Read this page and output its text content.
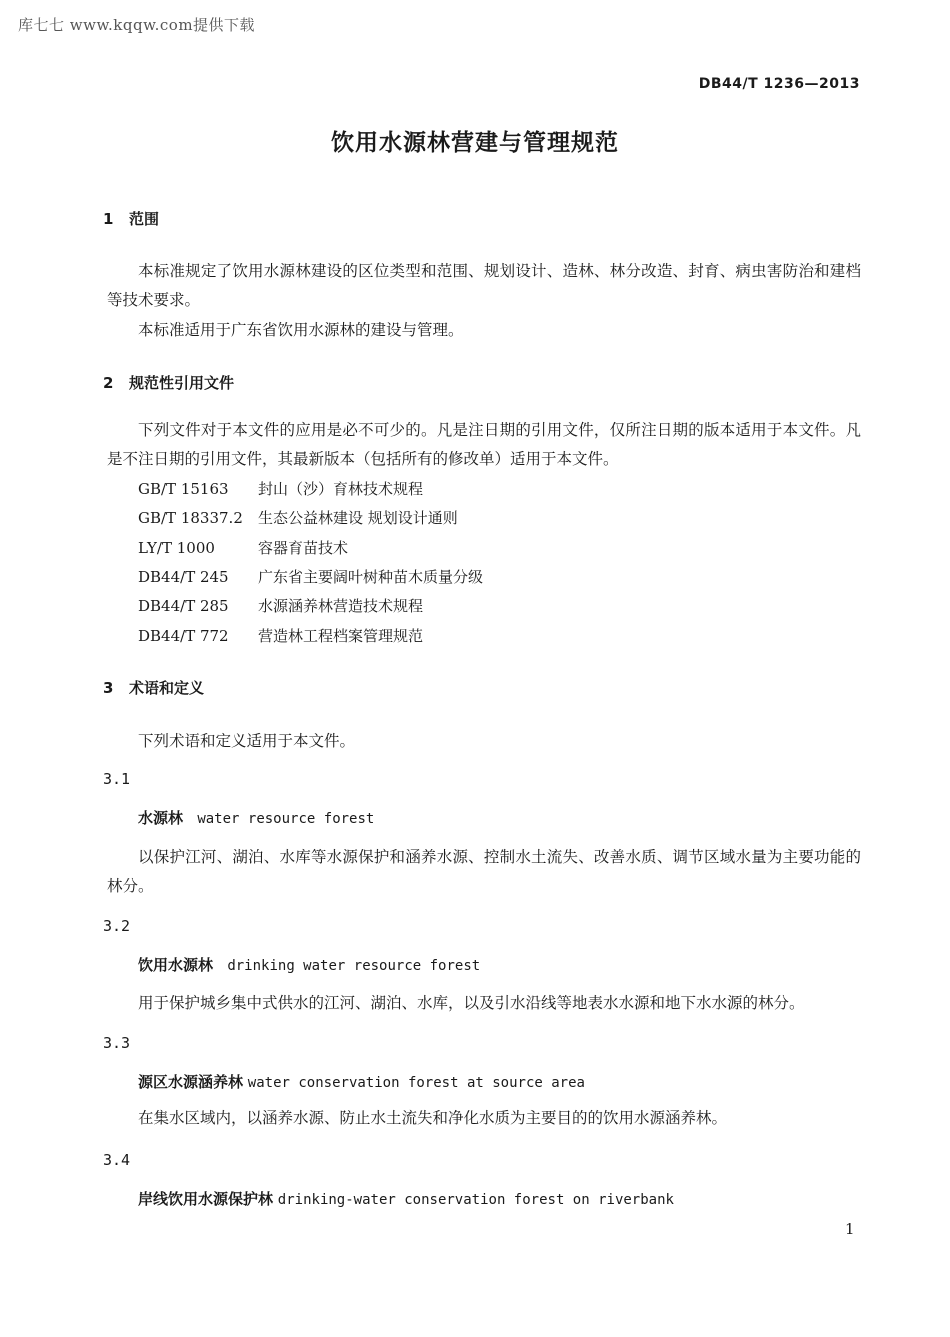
库七七 www.kqqw.com提供下载
DB44/T 1236—2013
饮用水源林营建与管理规范
1 范围
本标准规定了饮用水源林建设的区位类型和范围、规划设计、造林、林分改造、封育、病虫害防治和建档等技术要求。
本标准适用于广东省饮用水源林的建设与管理。
2 规范性引用文件
下列文件对于本文件的应用是必不可少的。凡是注日期的引用文件，仅所注日期的版本适用于本文件。凡是不注日期的引用文件，其最新版本（包括所有的修改单）适用于本文件。
GB/T 15163 封山（沙）育林技术规程
GB/T 18337.2 生态公益林建设 规划设计通则
LY/T 1000	容器育苗技术
DB44/T 245 广东省主要阔叶树种苗木质量分级
DB44/T 285 水源涵养林营造技术规程
DB44/T 772 营造林工程档案管理规范
3 术语和定义
下列术语和定义适用于本文件。
3.1
水源林 water resource forest
以保护江河、湖泊、水库等水源保护和涵养水源、控制水土流失、改善水质、调节区域水量为主要功能的林分。
3.2
饮用水源林 drinking water resource forest
用于保护城乡集中式供水的江河、湖泊、水库，以及引水沿线等地表水水源和地下水水源的林分。
3.3
源区水源涵养林 water conservation forest at source area
在集水区域内，以涵养水源、防止水土流失和净化水质为主要目的的饮用水源涵养林。
3.4
岸线饮用水源保护林 drinking-water conservation forest on riverbank
1
